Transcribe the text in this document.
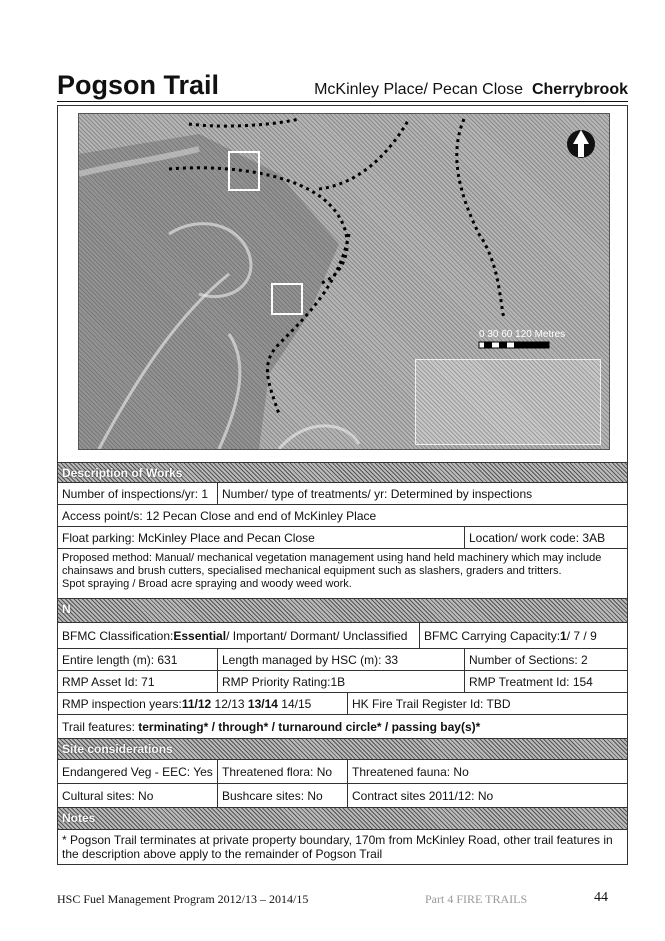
Pogson Trail	McKinley Place/ Pecan Close Cherrybrook
0 30 60 120 Metres
Description of Works
Number of inspections/yr: 1	Number/ type of treatments/ yr: Determined by inspections
Access point/s: 12 Pecan Close and end of McKinley Place
Float parking: McKinley Place and Pecan Close	Location/ work code: 3AB
Proposed method: Manual/ mechanical vegetation management using hand held machinery which may include chainsaws and brush cutters, specialised mechanical equipment such as slashers, graders and tritters.
Spot spraying / Broad acre spraying and woody weed work.
N
BFMC Classification: Essential / Important/ Dormant/ Unclassified BFMC Carrying Capacity: 1 / 7 / 9
Entire length (m): 631	Length managed by HSC (m): 33	Number of Sections: 2
RMP Asset Id: 71	RMP Priority Rating:1B	RMP Treatment Id: 154
RMP inspection years: 11/12 12/13 13/14 14/15	HK Fire Trail Register Id: TBD
Trail features: terminating* / through* / turnaround circle* / passing bay(s)*
Site considerations
Endangered Veg - EEC: Yes Threatened flora: No	Threatened fauna: No
Cultural sites: No	Bushcare sites: No	Contract sites 2011/12: No
Notes
* Pogson Trail terminates at private property boundary, 170m from McKinley Road, other trail features in the description above apply to the remainder of Pogson Trail
HSC Fuel Management Program 2012/13 – 2014/15	Part 4 FIRE TRAILS	44
